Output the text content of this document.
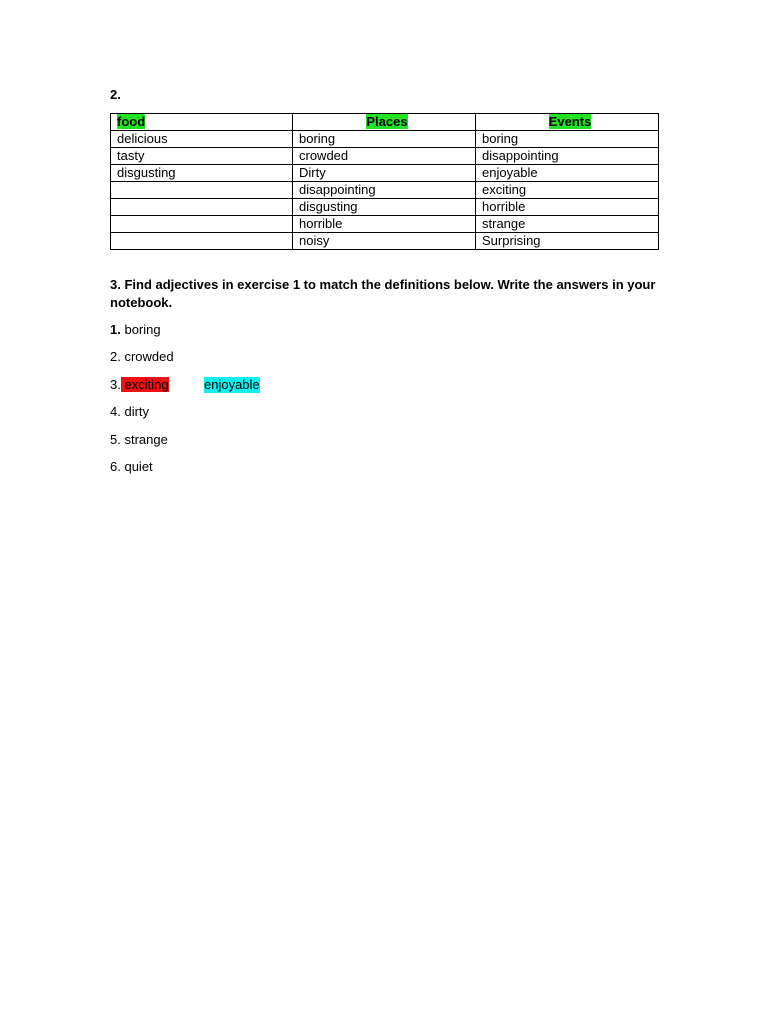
2.
food	Places	Events
delicious	boring	boring
tasty	crowded	disappointing
disgusting	Dirty	enjoyable
	disappointing	exciting
	disgusting	horrible
	horrible	strange
	noisy	Surprising
3. Find adjectives in exercise 1 to match the definitions below. Write the answers in your notebook.
1. boring
2. crowded
3. exciting	enjoyable
4. dirty
5. strange
6. quiet
